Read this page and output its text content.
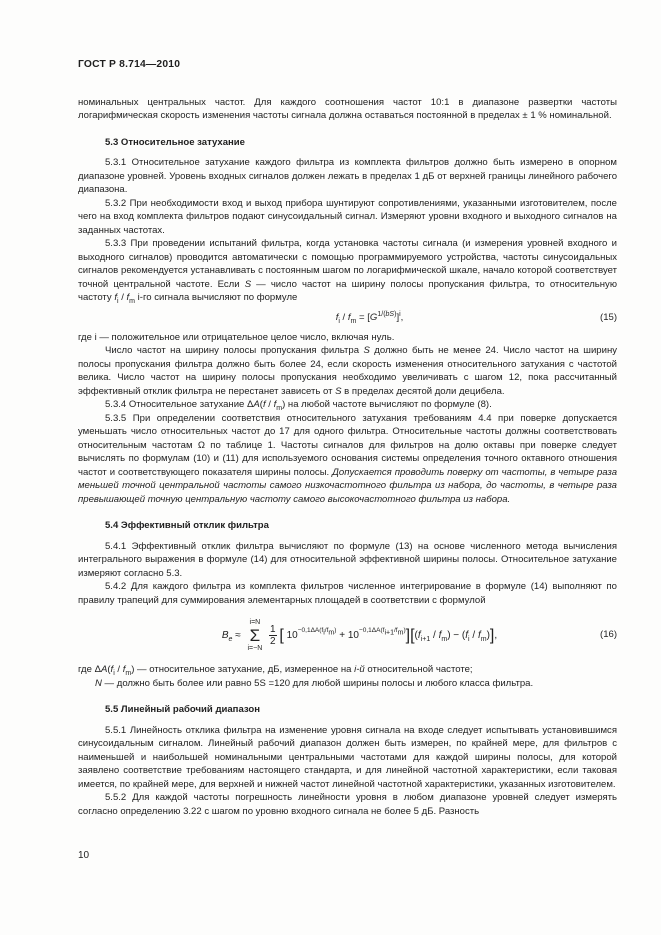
ГОСТ Р 8.714—2010

номинальных центральных частот. Для каждого соотношения частот 10:1 в диапазоне развертки частоты логарифмическая скорость изменения частоты сигнала должна оставаться постоянной в пределах ± 1 % номинальной.

5.3 Относительное затухание

5.3.1 Относительное затухание каждого фильтра из комплекта фильтров должно быть измерено в опорном диапазоне уровней. Уровень входных сигналов должен лежать в пределах 1 дБ от верхней границы линейного рабочего диапазона.

5.3.2 При необходимости вход и выход прибора шунтируют сопротивлениями, указанными изготовителем, после чего на вход комплекта фильтров подают синусоидальный сигнал. Измеряют уровни входного и выходного сигналов на заданных частотах.

5.3.3 При проведении испытаний фильтра, когда установка частоты сигнала (и измерения уровней входного и выходного сигналов) проводится автоматически с помощью программируемого устройства, частоты синусоидальных сигналов рекомендуется устанавливать с постоянным шагом по логарифмической шкале, начало которой соответствует точной центральной частоте. Если S — число частот на ширину полосы пропускания фильтра, то относительную частоту $f_i / f_m$ i-го сигнала вычисляют по формуле

$f_i / f_m = [G^{1/(bS)}]^i$,	(15)

где i — положительное или отрицательное целое число, включая нуль.

Число частот на ширину полосы пропускания фильтра S должно быть не менее 24. Число частот на ширину полосы пропускания фильтра должно быть более 24, если скорость изменения относительного затухания с частотой велика. Число частот на ширину полосы пропускания необходимо увеличивать с шагом 12, пока рассчитанный эффективный отклик фильтра не перестанет зависеть от S в пределах десятой доли децибела.

5.3.4 Относительное затухание $\Delta A(f / f_m)$ на любой частоте вычисляют по формуле (8).

5.3.5 При определении соответствия относительного затухания требованиям 4.4 при поверке допускается уменьшать число относительных частот до 17 для одного фильтра. Относительные частоты должны соответствовать относительным частотам Ω по таблице 1. Частоты сигналов для фильтров на долю октавы при поверке следует вычислять по формулам (10) и (11) для используемого основания системы определения точного октавного отношения частот и соответствующего показателя ширины полосы. Допускается проводить поверку от частоты, в четырe раза меньшей точной центральной частоты самого низкочастотного фильтра из набора, до частоты, в четыре раза превышающей точную центральную частоту самого высокочастотного фильтра из набора.

5.4 Эффективный отклик фильтра

5.4.1 Эффективный отклик фильтра вычисляют по формуле (13) на основе численного метода вычисления интегрального выражения в формуле (14) для относительной эффективной ширины полосы. Относительное затухание измеряют согласно 5.3.

5.4.2 Для каждого фильтра из комплекта фильтров численное интегрирование в формуле (14) выполняют по правилу трапеций для суммирования элементарных площадей в соответствии с формулой

$B_e \approx i=N$
Σ
i=−N
$\frac{1}{2}$ [ $10^{-0,1\Delta A(f_i/f_m)} + 10^{-0,1\Delta A(f_{i+1}/f_m)}][(f_{i+1} / f_m) - (f_i / f_m)]$,	(16)

где $\Delta A(f_i / f_m)$ — относительное затухание, дБ, измеренное на i-й относительной частоте;

N — должно быть более или равно 5S =120 для любой ширины полосы и любого класса фильтра.

5.5 Линейный рабочий диапазон

5.5.1 Линейность отклика фильтра на изменение уровня сигнала на входе следует испытывать установившимся синусоидальным сигналом. Линейный рабочий диапазон должен быть измерен, по крайней мере, для фильтров с наименьшей и наибольшей номинальными центральными частотами для каждой ширины полосы, для которой заявлено соответствие требованиям настоящего стандарта, и для линейной частотной характеристики, если таковая имеется, по крайней мере, для верхней и нижней частот линейной частотной характеристики, указанных изготовителем.

5.5.2 Для каждой частоты погрешность линейности уровня в любом диапазоне уровней следует измерять согласно определению 3.22 с шагом по уровню входного сигнала не более 5 дБ. Разность

10
